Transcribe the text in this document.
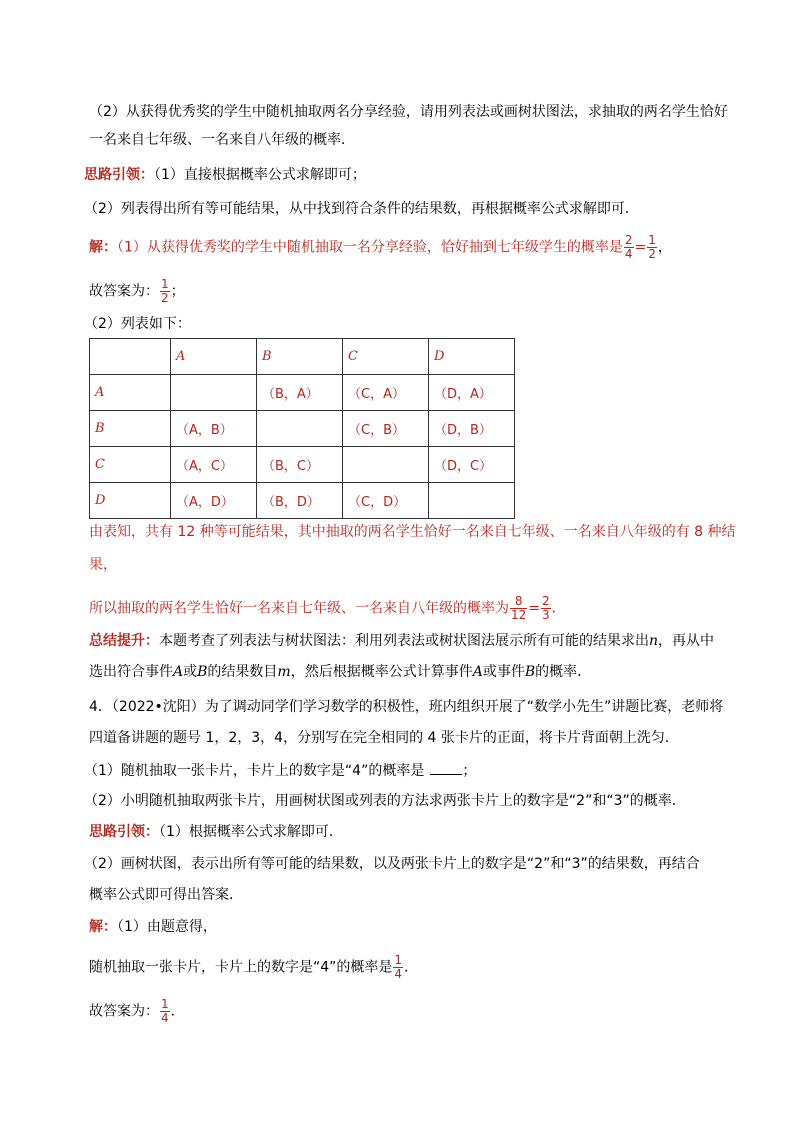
（2）从获得优秀奖的学生中随机抽取两名分享经验，请用列表法或画树状图法，求抽取的两名学生恰好
一名来自七年级、一名来自八年级的概率．
思路引领：（1）直接根据概率公式求解即可；
（2）列表得出所有等可能结果，从中找到符合条件的结果数，再根据概率公式求解即可．
解：（1）从获得优秀奖的学生中随机抽取一名分享经验，恰好抽到七年级学生的概率是 $\frac{2}{4} = \frac{1}{2}$ ，
故答案为： $\frac{1}{2}$ ；
（2）列表如下：
	A	B	C	D
A		（B，A）	（C，A）	（D，A）
B	（A，B）		（C，B）	（D，B）
C	（A，C）	（B，C）		（D，C）
D	（A，D）	（B，D）	（C，D）	
由表知，共有 12 种等可能结果，其中抽取的两名学生恰好一名来自七年级、一名来自八年级的有 8 种结
果，
所以抽取的两名学生恰好一名来自七年级、一名来自八年级的概率为 $\frac{8}{12} = \frac{2}{3}$ ．
总结提升：本题考查了列表法与树状图法：利用列表法或树状图法展示所有可能的结果求出n，再从中
选出符合事件A或B的结果数目m，然后根据概率公式计算事件A或事件B的概率．
4．（2022•沈阳）为了调动同学们学习数学的积极性，班内组织开展了“数学小先生”讲题比赛，老师将
四道备讲题的题号 1，2，3，4，分别写在完全相同的 4 张卡片的正面，将卡片背面朝上洗匀．
（1）随机抽取一张卡片，卡片上的数字是“4”的概率是	；
（2）小明随机抽取两张卡片，用画树状图或列表的方法求两张卡片上的数字是“2”和“3”的概率．
思路引领：（1）根据概率公式求解即可．
（2）画树状图，表示出所有等可能的结果数，以及两张卡片上的数字是“2”和“3”的结果数，再结合
概率公式即可得出答案．
解：（1）由题意得，
随机抽取一张卡片，卡片上的数字是“4”的概率是 $\frac{1}{4}$ ．
故答案为： $\frac{1}{4}$ ．
